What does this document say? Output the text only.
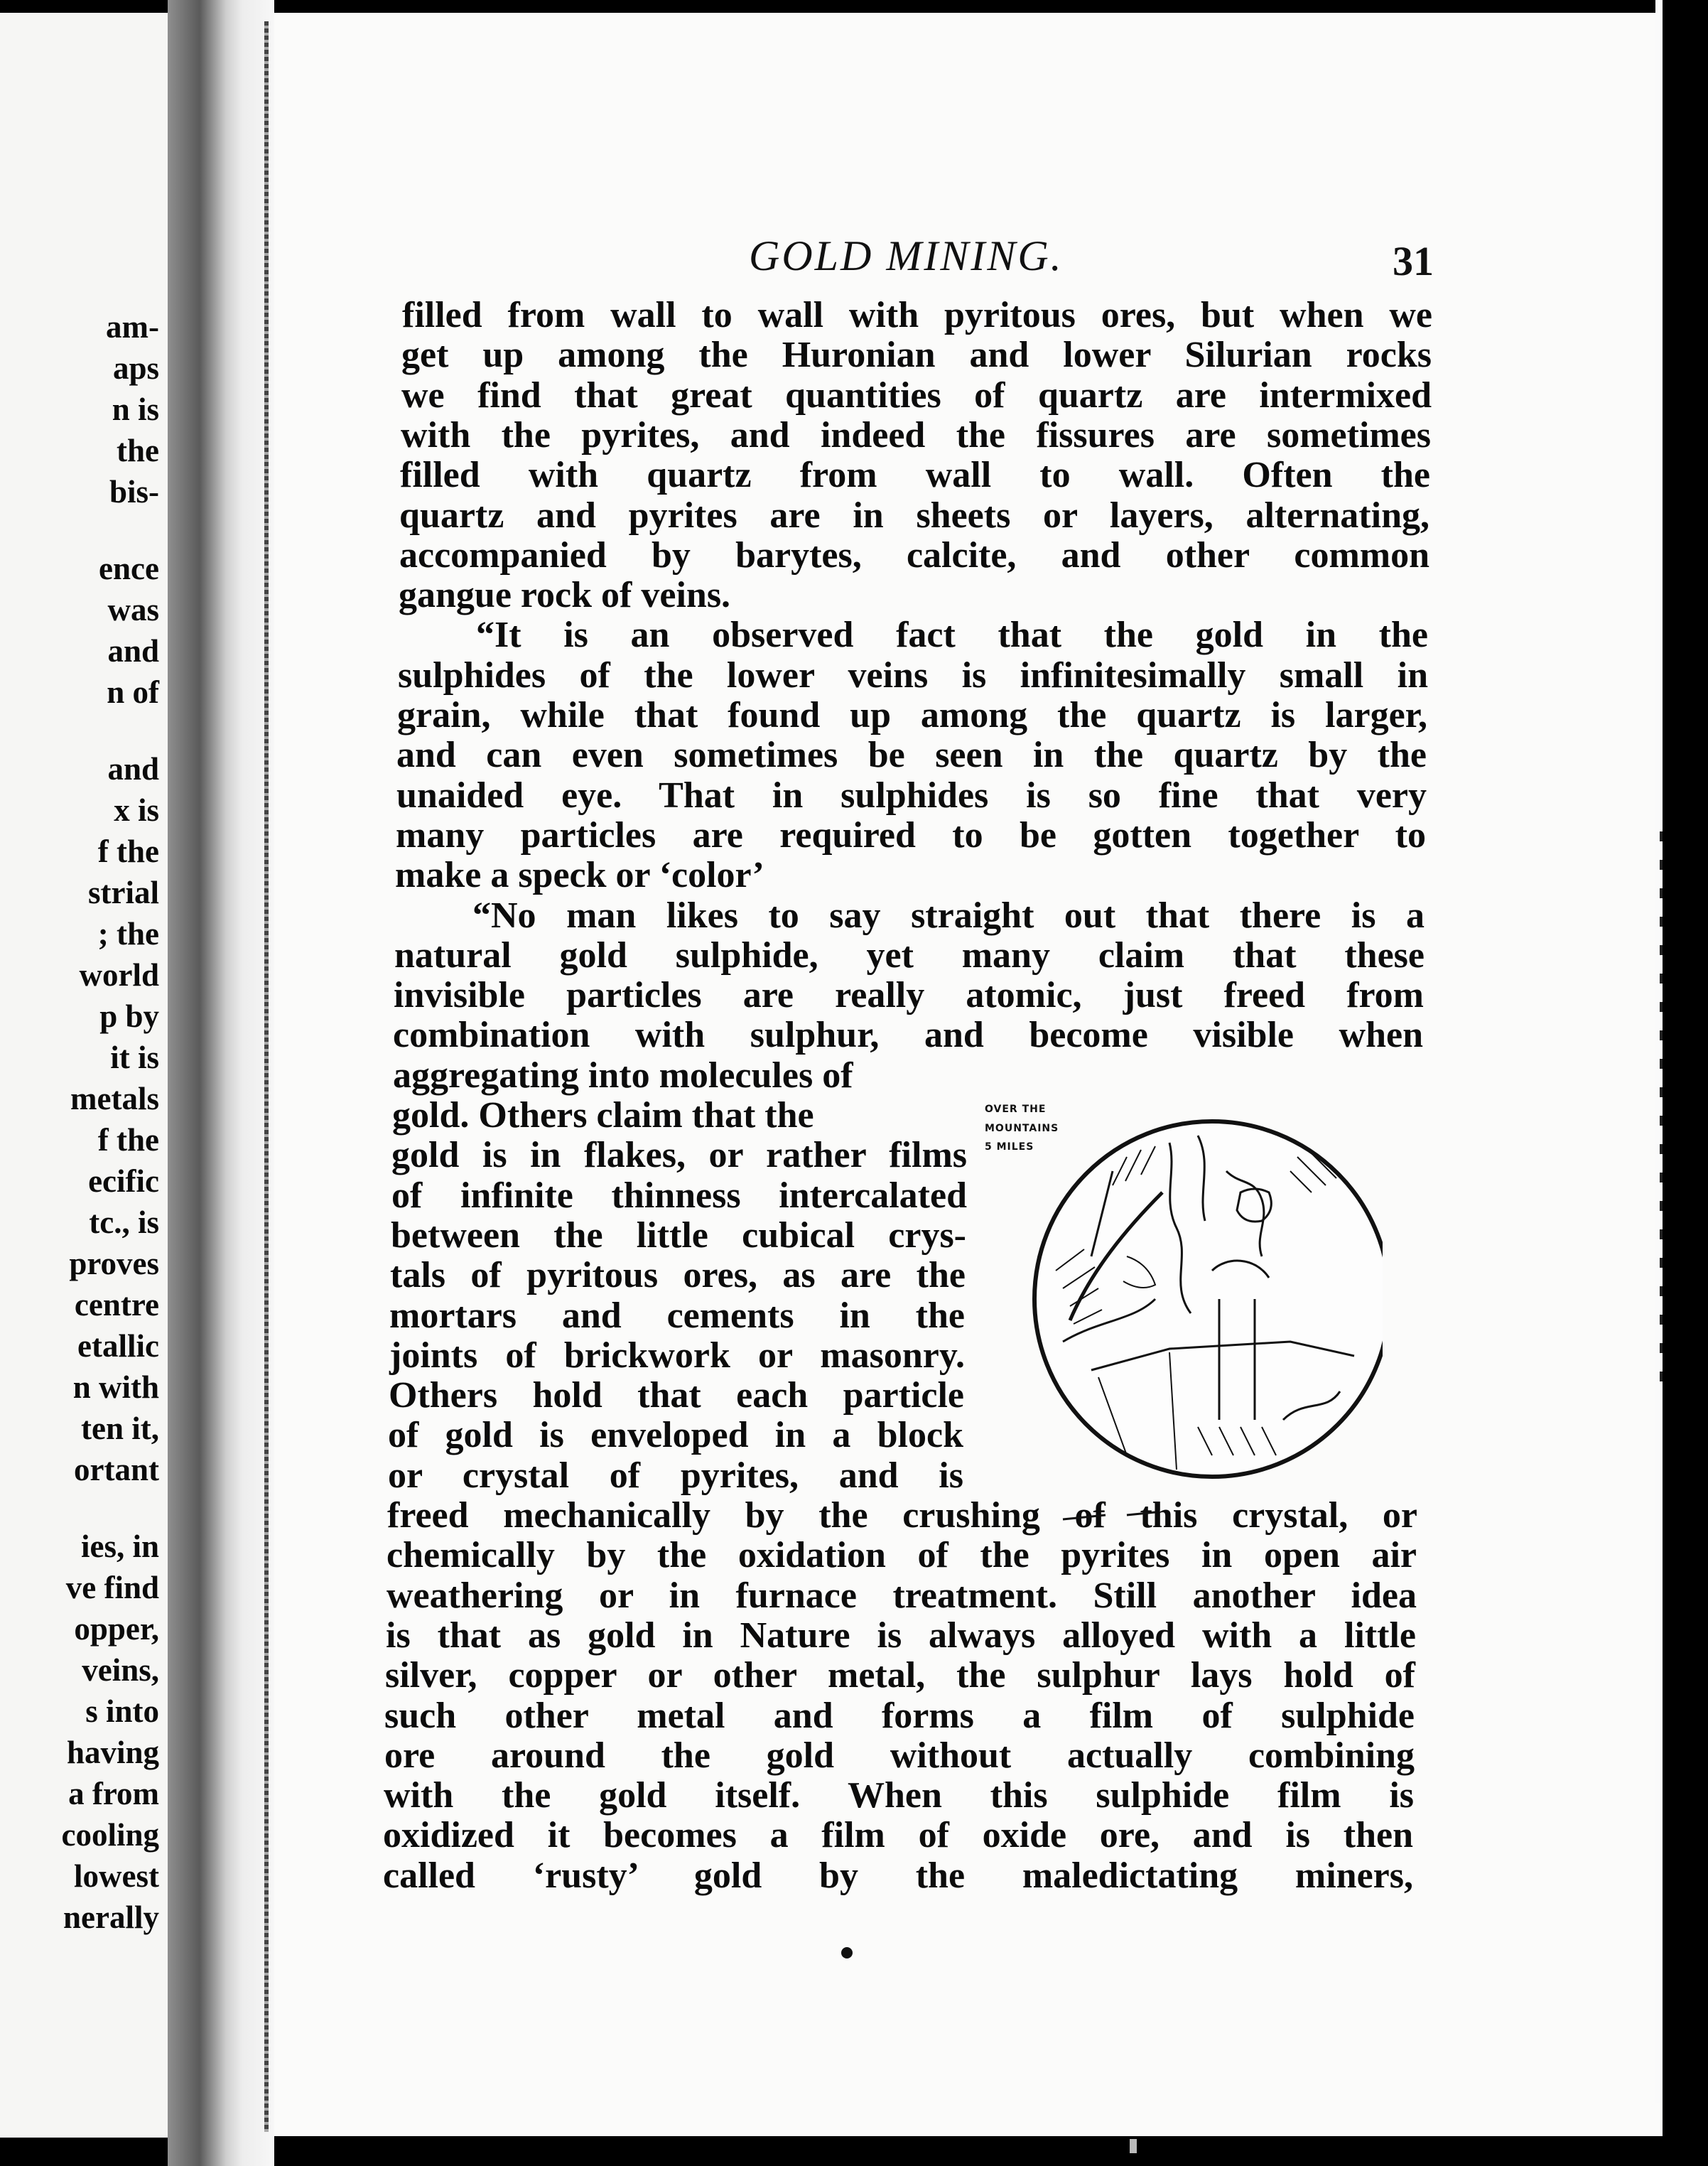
am-
aps
n is
the
bis-
ence
was
and
n of
and
x is
f the
strial
; the
world
p by
it is
metals
f the
ecific
tc., is
proves
centre
etallic
n with
ten it,
ortant
ies, in
ve find
opper,
veins,
s into
having
a from
cooling
lowest
nerally
GOLD MINING.	31
filled from wall to wall with pyritous ores, but when we
get up among the Huronian and lower Silurian rocks
we find that great quantities of quartz are intermixed
with the pyrites, and indeed the fissures are sometimes
filled with quartz from wall to wall. Often the
quartz and pyrites are in sheets or layers, alternating,
accompanied by barytes, calcite, and other common
gangue rock of veins.
“It is an observed fact that the gold in the
sulphides of the lower veins is infinitesimally small in
grain, while that found up among the quartz is larger,
and can even sometimes be seen in the quartz by the
unaided eye. That in sulphides is so fine that very
many particles are required to be gotten together to
make a speck or ‘color’
“No man likes to say straight out that there is a
natural gold sulphide, yet many claim that these
invisible particles are really atomic, just freed from
combination with sulphur, and become visible when
aggregating into molecules of
gold. Others claim that the
gold is in flakes, or rather films
of infinite thinness intercalated
between the little cubical crys-
tals of pyritous ores, as are the
mortars and cements in the
joints of brickwork or masonry.
Others hold that each particle
of gold is enveloped in a block
or crystal of pyrites, and is
freed mechanically by the crushing of this crystal, or
chemically by the oxidation of the pyrites in open air
weathering or in furnace treatment. Still another idea
is that as gold in Nature is always alloyed with a little
silver, copper or other metal, the sulphur lays hold of
such other metal and forms a film of sulphide
ore around the gold without actually combining
with the gold itself. When this sulphide film is
oxidized it becomes a film of oxide ore, and is then
called ‘rusty’ gold by the maledictating miners,
OVER THE
MOUNTAINS
5 MILES
